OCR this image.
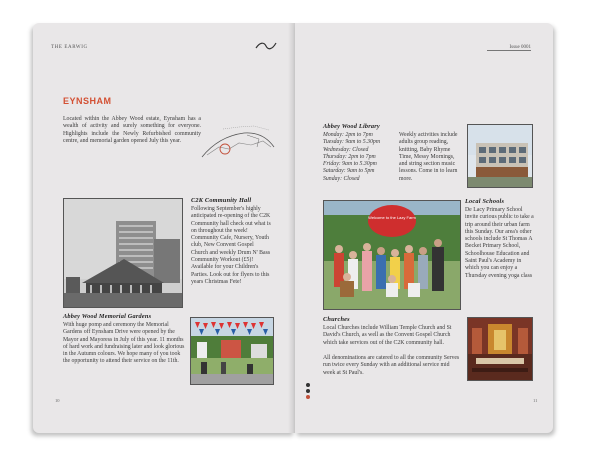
THE EARWIG
EYNSHAM
Located within the Abbey Wood estate, Eynsham has a wealth of activity and surely something for everyone. Highlights include the Newly Refurbished community centre, and memorial garden opened July this year.
C2K Community Hall
Following September's highly anticipated re-opening of the C2K Community hall check out what is on throughout the week! Community Cafe, Nursery, Youth club, New Convent Gospel Church and weekly Drum N' Bass Community Workout (£5)! Available for your Children's Parties. Look out for flyers to this years Christmas Fete!
Abbey Wood Memorial Gardens
With huge pomp and ceremony the Memorial Gardens off Eynsham Drive were opened by the Mayor and Mayoress in July of this year. 11 months of hard work and fundraising later and look glorious in the Autumn colours. We hope many of you took the opportunity to attend their service on the 11th.
10
Issue 0001
Abbey Wood Library
Monday: 2pm to 7pm
Tuesday: 9am to 5.30pm
Wednesday: Closed
Thursday: 2pm to 7pm
Friday: 9am to 5.30pm
Saturday: 9am to 5pm
Sunday: Closed
Weekly activities include adults group reading, knitting, Baby Rhyme Time, Messy Mornings, and string section music lessons. Come in to learn more.
Welcome to the Lazy Farm
Local Schools
De Lacy Primary School invite curious public to take a trip around their urban farm this Sunday. Our area's other schools include St Thomas A Becket Primary School, Schoolhouse Education and Saint Paul's Academy in which you can enjoy a Thursday evening yoga class
Churches
Local Churches include William Temple Church and St David's Church, as well as the Convent Gospel Church which take services out of the C2K community hall.
All denominations are catered to all the community Serves run twice every Sunday with an additional service mid week at St Paul's.
11
